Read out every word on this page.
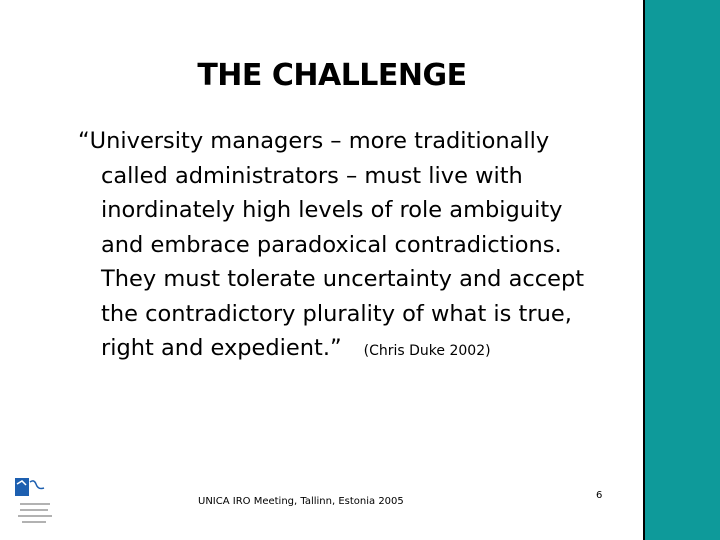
THE CHALLENGE

“University managers – more traditionally
called administrators – must live with
inordinately high levels of role ambiguity
and embrace paradoxical contradictions.
They must tolerate uncertainty and accept
the contradictory plurality of what is true,
right and expedient.” (Chris Duke 2002)

UNICA IRO Meeting, Tallinn, Estonia 2005
6
